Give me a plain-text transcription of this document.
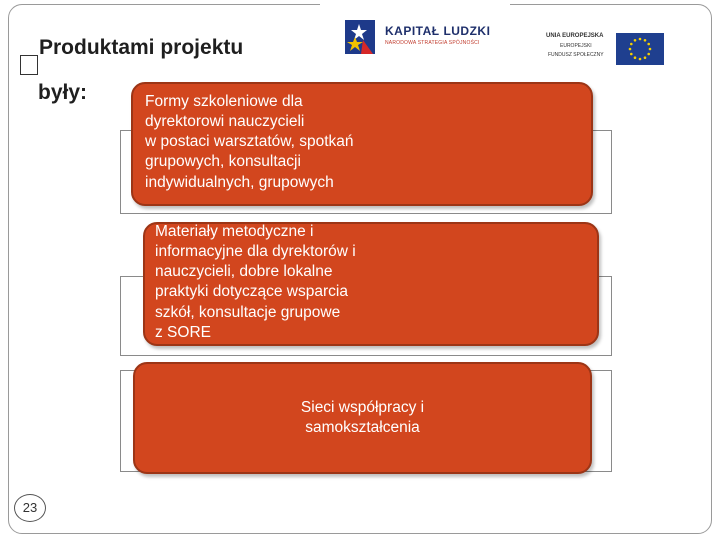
Produktami projektu
były:
KAPITAŁ LUDZKI
NARODOWA STRATEGIA SPÓJNOŚCI
UNIA EUROPEJSKA
EUROPEJSKI
FUNDUSZ SPOŁECZNY

Formy szkoleniowe dla
dyrektorowi nauczycieli
w postaci warsztatów, spotkań
grupowych, konsultacji
indywidualnych, grupowych

Materiały metodyczne i
informacyjne dla dyrektorów i
nauczycieli, dobre lokalne
praktyki dotyczące wsparcia
szkół, konsultacje grupowe
z SORE

Sieci współpracy i
samokształcenia

23
